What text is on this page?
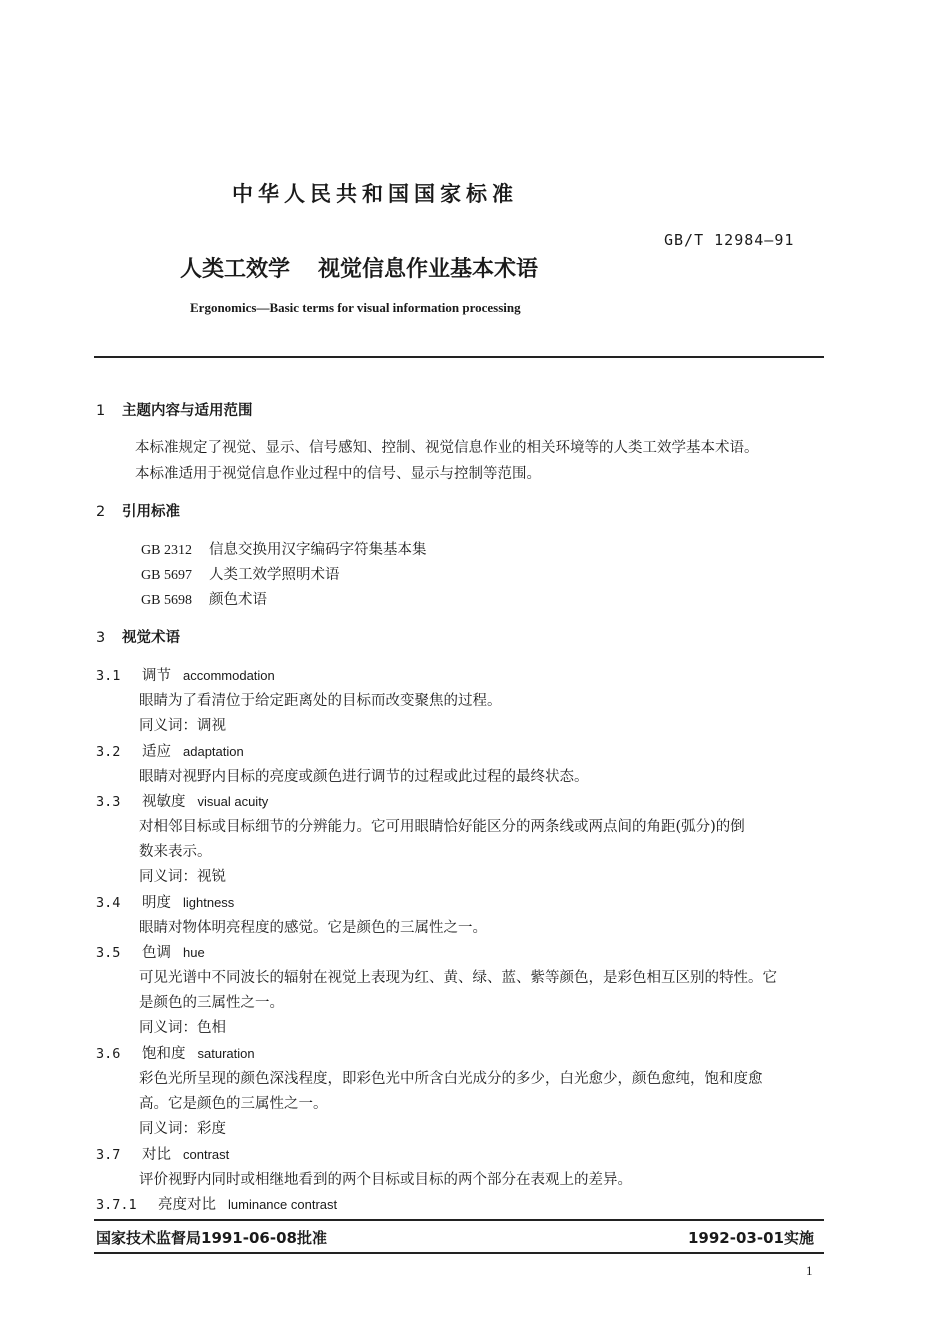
中华人民共和国国家标准
GB/T 12984—91
人类工效学 视觉信息作业基本术语
Ergonomics—Basic terms for visual information processing
1 主题内容与适用范围
本标准规定了视觉、显示、信号感知、控制、视觉信息作业的相关环境等的人类工效学基本术语。
本标准适用于视觉信息作业过程中的信号、显示与控制等范围。
2 引用标准
GB 2312 信息交换用汉字编码字符集基本集
GB 5697 人类工效学照明术语
GB 5698 颜色术语
3 视觉术语
3.1 调节 accommodation
眼睛为了看清位于给定距离处的目标而改变聚焦的过程。
同义词：调视
3.2 适应 adaptation
眼睛对视野内目标的亮度或颜色进行调节的过程或此过程的最终状态。
3.3 视敏度 visual acuity
对相邻目标或目标细节的分辨能力。它可用眼睛恰好能区分的两条线或两点间的角距(弧分)的倒
数来表示。
同义词：视锐
3.4 明度 lightness
眼睛对物体明亮程度的感觉。它是颜色的三属性之一。
3.5 色调 hue
可见光谱中不同波长的辐射在视觉上表现为红、黄、绿、蓝、紫等颜色，是彩色相互区别的特性。它
是颜色的三属性之一。
同义词：色相
3.6 饱和度 saturation
彩色光所呈现的颜色深浅程度，即彩色光中所含白光成分的多少，白光愈少，颜色愈纯，饱和度愈
高。它是颜色的三属性之一。
同义词：彩度
3.7 对比 contrast
评价视野内同时或相继地看到的两个目标或目标的两个部分在表观上的差异。
3.7.1 亮度对比 luminance contrast
国家技术监督局1991-06-08批准	1992-03-01实施
1
